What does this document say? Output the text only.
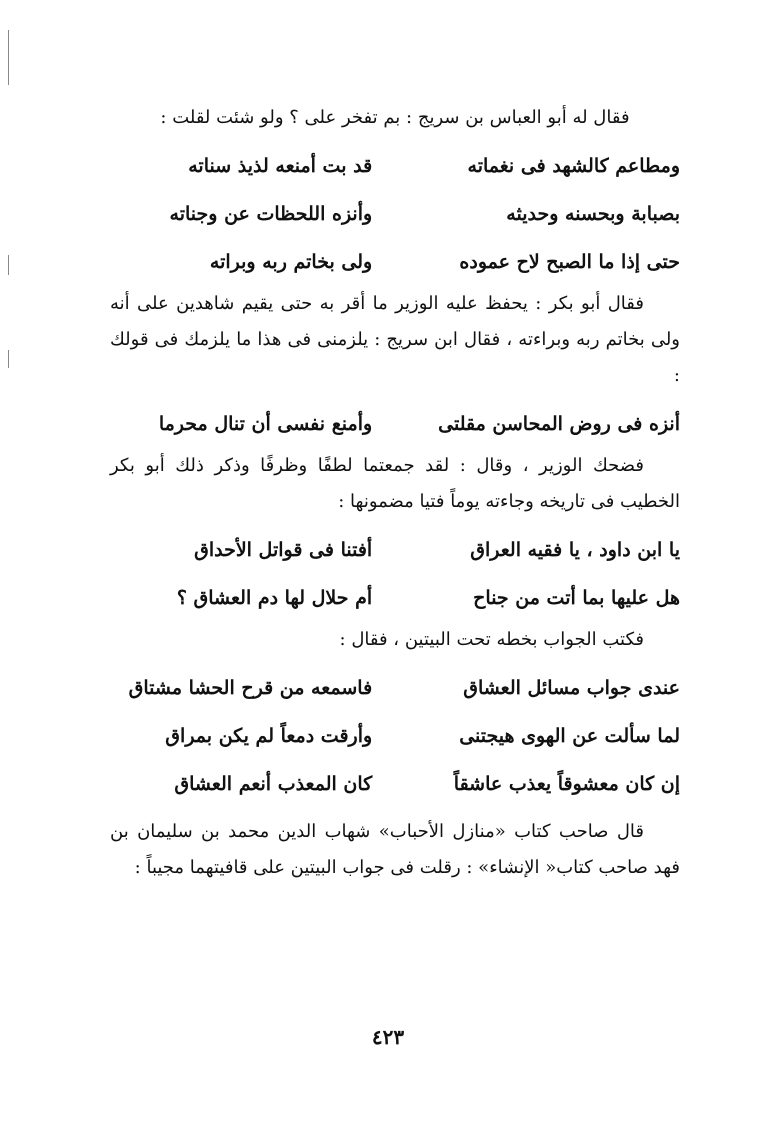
فقال له أبو العباس بن سريج : بم تفخر على ؟ ولو شئت لقلت :

ومطاعم كالشهد فى نغماته
قد بت أمنعه لذيذ سناته
بصبابة وبحسنه وحديثه
وأنزه اللحظات عن وجناته
حتى إذا ما الصبح لاح عموده
ولى بخاتم ربه وبراته

فقال أبو بكر : يحفظ عليه الوزير ما أقر به حتى يقيم شاهدين على أنه ولى بخاتم ربه وبراءته ، فقال ابن سريج : يلزمنى فى هذا ما يلزمك فى قولك :

أنزه فى روض المحاسن مقلتى
وأمنع نفسى أن تنال محرما

فضحك الوزير ، وقال : لقد جمعتما لطفًا وظرفًا وذكر ذلك أبو بكر الخطيب فى تاريخه وجاءته يوماً فتيا مضمونها :

يا ابن داود ، يا فقيه العراق
أفتنا فى قواتل الأحداق
هل عليها بما أتت من جناح
أم حلال لها دم العشاق ؟

فكتب الجواب بخطه تحت البيتين ، فقال :

عندى جواب مسائل العشاق
فاسمعه من قرح الحشا مشتاق
لما سألت عن الهوى هيجتنى
وأرقت دمعاً لم يكن بمراق
إن كان معشوقاً يعذب عاشقاً
كان المعذب أنعم العشاق

قال صاحب كتاب «منازل الأحباب» شهاب الدين محمد بن سليمان بن فهد صاحب كتاب« الإنشاء» : رقلت فى جواب البيتين على قافيتهما مجيباً :

٤٢٣
